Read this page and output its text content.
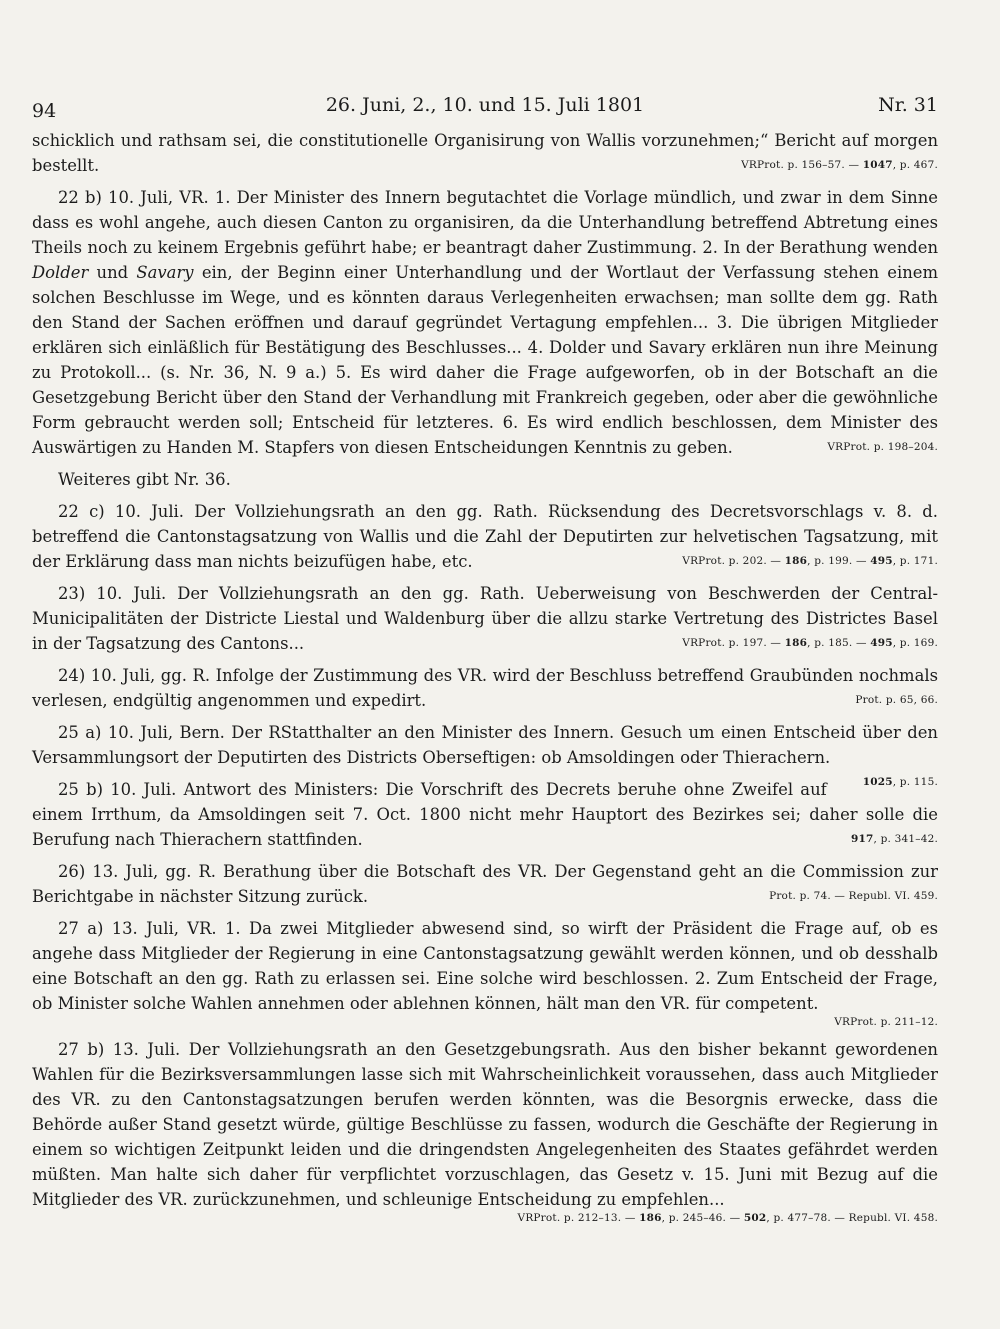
94	26. Juni, 2., 10. und 15. Juli 1801	Nr. 31

schicklich und rathsam sei, die constitutionelle Organisirung von Wallis vorzunehmen;“ Bericht auf morgen bestellt.	VRProt. p. 156–57. — 1047, p. 467.

22 b) 10. Juli, VR. 1. Der Minister des Innern begutachtet die Vorlage mündlich, und zwar in dem Sinne dass es wohl angehe, auch diesen Canton zu organisiren, da die Unterhandlung betreffend Abtretung eines Theils noch zu keinem Ergebnis geführt habe; er beantragt daher Zustimmung. 2. In der Berathung wenden Dolder und Savary ein, der Beginn einer Unterhandlung und der Wortlaut der Verfassung stehen einem solchen Beschlusse im Wege, und es könnten daraus Verlegenheiten erwachsen; man sollte dem gg. Rath den Stand der Sachen eröffnen und darauf gegründet Vertagung empfehlen... 3. Die übrigen Mitglieder erklären sich einläßlich für Bestätigung des Beschlusses... 4. Dolder und Savary erklären nun ihre Meinung zu Protokoll... (s. Nr. 36, N. 9 a.) 5. Es wird daher die Frage aufgeworfen, ob in der Botschaft an die Gesetzgebung Bericht über den Stand der Verhandlung mit Frankreich gegeben, oder aber die gewöhnliche Form gebraucht werden soll; Entscheid für letzteres. 6. Es wird endlich beschlossen, dem Minister des Auswärtigen zu Handen M. Stapfers von diesen Entscheidungen Kenntnis zu geben.	VRProt. p. 198–204.

Weiteres gibt Nr. 36.

22 c) 10. Juli. Der Vollziehungsrath an den gg. Rath. Rücksendung des Decretsvorschlags v. 8. d. betreffend die Cantonstagsatzung von Wallis und die Zahl der Deputirten zur helvetischen Tagsatzung, mit der Erklärung dass man nichts beizufügen habe, etc.	VRProt. p. 202. — 186, p. 199. — 495, p. 171.

23) 10. Juli. Der Vollziehungsrath an den gg. Rath. Ueberweisung von Beschwerden der Central-Municipalitäten der Districte Liestal und Waldenburg über die allzu starke Vertretung des Districtes Basel in der Tagsatzung des Cantons...	VRProt. p. 197. — 186, p. 185. — 495, p. 169.

24) 10. Juli, gg. R. Infolge der Zustimmung des VR. wird der Beschluss betreffend Graubünden nochmals verlesen, endgültig angenommen und expedirt.	Prot. p. 65, 66.

25 a) 10. Juli, Bern. Der RStatthalter an den Minister des Innern. Gesuch um einen Entscheid über den Versammlungsort der Deputirten des Districts Oberseftigen: ob Amsoldingen oder Thierachern.
1025, p. 115.

25 b) 10. Juli. Antwort des Ministers: Die Vorschrift des Decrets beruhe ohne Zweifel auf einem Irrthum, da Amsoldingen seit 7. Oct. 1800 nicht mehr Hauptort des Bezirkes sei; daher solle die Berufung nach Thierachern stattfinden.	917, p. 341–42.

26) 13. Juli, gg. R. Berathung über die Botschaft des VR. Der Gegenstand geht an die Commission zur Berichtgabe in nächster Sitzung zurück.	Prot. p. 74. — Republ. VI. 459.

27 a) 13. Juli, VR. 1. Da zwei Mitglieder abwesend sind, so wirft der Präsident die Frage auf, ob es angehe dass Mitglieder der Regierung in eine Cantonstagsatzung gewählt werden können, und ob desshalb eine Botschaft an den gg. Rath zu erlassen sei. Eine solche wird beschlossen. 2. Zum Entscheid der Frage, ob Minister solche Wahlen annehmen oder ablehnen können, hält man den VR. für competent.
VRProt. p. 211–12.

27 b) 13. Juli. Der Vollziehungsrath an den Gesetzgebungsrath. Aus den bisher bekannt gewordenen Wahlen für die Bezirksversammlungen lasse sich mit Wahrscheinlichkeit voraussehen, dass auch Mitglieder des VR. zu den Cantonstagsatzungen berufen werden könnten, was die Besorgnis erwecke, dass die Behörde außer Stand gesetzt würde, gültige Beschlüsse zu fassen, wodurch die Geschäfte der Regierung in einem so wichtigen Zeitpunkt leiden und die dringendsten Angelegenheiten des Staates gefährdet werden müßten. Man halte sich daher für verpflichtet vorzuschlagen, das Gesetz v. 15. Juni mit Bezug auf die Mitglieder des VR. zurückzunehmen, und schleunige Entscheidung zu empfehlen...
VRProt. p. 212–13. — 186, p. 245–46. — 502, p. 477–78. — Republ. VI. 458.
